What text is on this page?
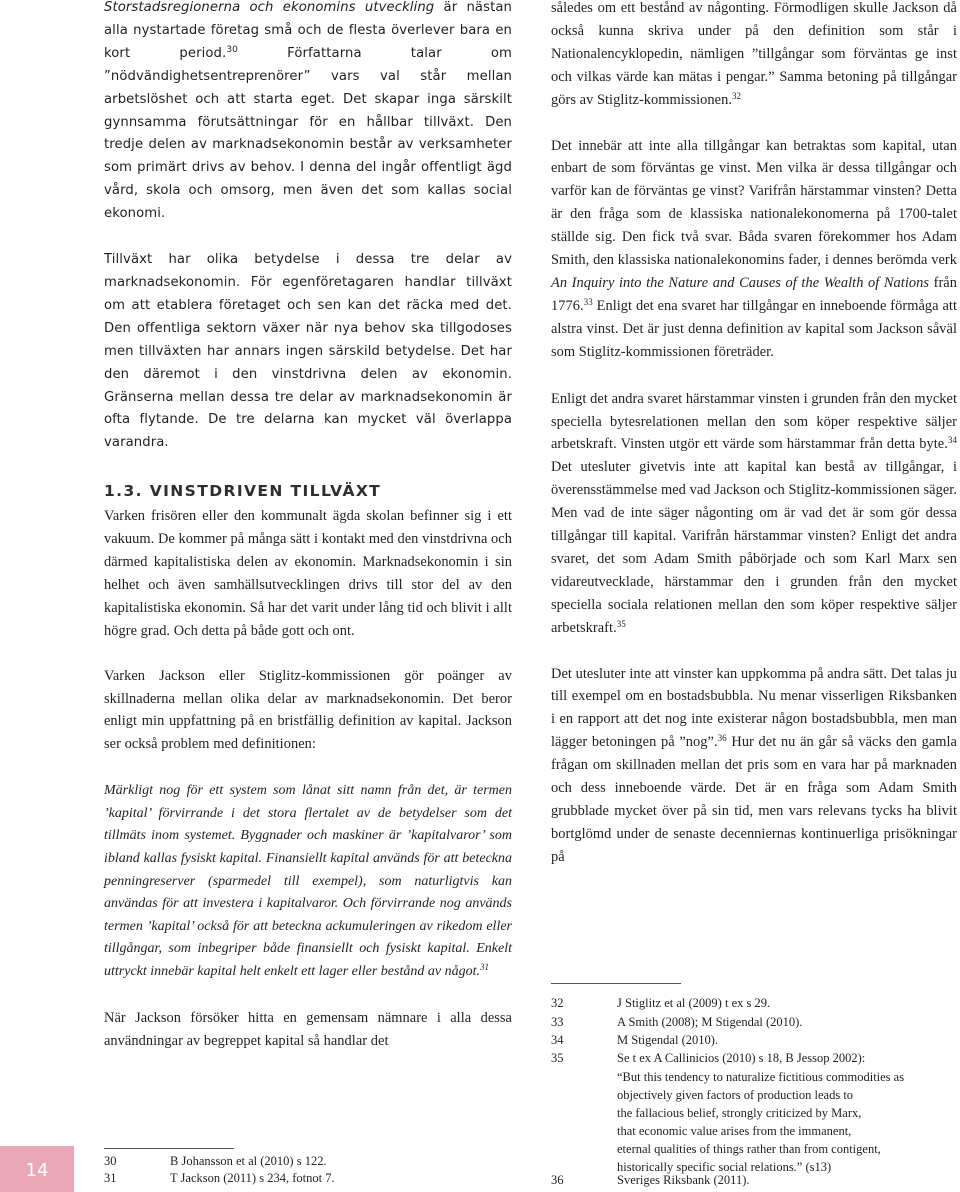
Storstadsregionerna och ekonomins utveckling är nästan alla nystartade företag små och de flesta överlever bara en kort period.$^{30}$ Författarna talar om ”nödvändighetsentreprenörer” vars val står mellan arbetslöshet och att starta eget. Det skapar inga särskilt gynnsamma förutsättningar för en hållbar tillväxt. Den tredje delen av marknadsekonomin består av verksamheter som primärt drivs av behov. I denna del ingår offentligt ägd vård, skola och omsorg, men även det som kallas social ekonomi.

Tillväxt har olika betydelse i dessa tre delar av marknadsekonomin. För egenföretagaren handlar tillväxt om att etablera företaget och sen kan det räcka med det. Den offentliga sektorn växer när nya behov ska tillgodoses men tillväxten har annars ingen särskild betydelse. Det har den däremot i den vinstdrivna delen av ekonomin. Gränserna mellan dessa tre delar av marknadsekonomin är ofta flytande. De tre delarna kan mycket väl överlappa varandra.

1.3. VINSTDRIVEN TILLVÄXT

Varken frisören eller den kommunalt ägda skolan befinner sig i ett vakuum. De kommer på många sätt i kontakt med den vinstdrivna och därmed kapitalistiska delen av ekonomin. Marknadsekonomin i sin helhet och även samhällsutvecklingen drivs till stor del av den kapitalistiska ekonomin. Så har det varit under lång tid och blivit i allt högre grad. Och detta på både gott och ont.

Varken Jackson eller Stiglitz-kommissionen gör poänger av skillnaderna mellan olika delar av marknadsekonomin. Det beror enligt min uppfattning på en bristfällig definition av kapital. Jackson ser också problem med definitionen:

Märkligt nog för ett system som lånat sitt namn från det, är termen ’kapital’ förvirrande i det stora flertalet av de betydelser som det tillmäts inom systemet. Byggnader och maskiner är ’kapitalvaror’ som ibland kallas fysiskt kapital. Finansiellt kapital används för att beteckna penningreserver (sparmedel till exempel), som naturligtvis kan användas för att investera i kapitalvaror. Och förvirrande nog används termen ’kapital’ också för att beteckna ackumuleringen av rikedom eller tillgångar, som inbegriper både finansiellt och fysiskt kapital. Enkelt uttryckt innebär kapital helt enkelt ett lager eller bestånd av något.$^{31}$

När Jackson försöker hitta en gemensam nämnare i alla dessa användningar av begreppet kapital så handlar det

30	B Johansson et al (2010) s 122.
31	T Jackson (2011) s 234, fotnot 7.

således om ett bestånd av någonting. Förmodligen skulle Jackson då också kunna skriva under på den definition som står i Nationalencyklopedin, nämligen ”tillgångar som förväntas ge inst och vilkas värde kan mätas i pengar.” Samma betoning på tillgångar görs av Stiglitz-kommissionen.$^{32}$

Det innebär att inte alla tillgångar kan betraktas som kapital, utan enbart de som förväntas ge vinst. Men vilka är dessa tillgångar och varför kan de förväntas ge vinst? Varifrån härstammar vinsten? Detta är den fråga som de klassiska nationalekonomerna på 1700-talet ställde sig. Den fick två svar. Båda svaren förekommer hos Adam Smith, den klassiska nationalekonomins fader, i dennes berömda verk An Inquiry into the Nature and Causes of the Wealth of Nations från 1776.33 Enligt det ena svaret har tillgångar en inneboende förmåga att alstra vinst. Det är just denna definition av kapital som Jackson såväl som Stiglitz-kommissionen företräder.

Enligt det andra svaret härstammar vinsten i grunden från den mycket speciella bytesrelationen mellan den som köper respektive säljer arbetskraft. Vinsten utgör ett värde som härstammar från detta byte.$^{34}$ Det utesluter givetvis inte att kapital kan bestå av tillgångar, i överensstämmelse med vad Jackson och Stiglitz-kommissionen säger. Men vad de inte säger någonting om är vad det är som gör dessa tillgångar till kapital. Varifrån härstammar vinsten? Enligt det andra svaret, det som Adam Smith påbörjade och som Karl Marx sen vidareutvecklade, härstammar den i grunden från den mycket speciella sociala relationen mellan den som köper respektive säljer arbetskraft.$^{35}$

Det utesluter inte att vinster kan uppkomma på andra sätt. Det talas ju till exempel om en bostadsbubbla. Nu menar visserligen Riksbanken i en rapport att det nog inte existerar någon bostadsbubbla, men man lägger betoningen på ”nog”.$^{36}$ Hur det nu än går så väcks den gamla frågan om skillnaden mellan det pris som en vara har på marknaden och dess inneboende värde. Det är en fråga som Adam Smith grubblade mycket över på sin tid, men vars relevans tycks ha blivit bortglömd under de senaste decenniernas kontinuerliga prisökningar på

32	J Stiglitz et al (2009) t ex s 29.
33	A Smith (2008); M Stigendal (2010).
34	M Stigendal (2010).
35	Se t ex A Callinicios (2010) s 18, B Jessop 2002):
“But this tendency to naturalize fictitious commodities as
objectively given factors of production leads to
the fallacious belief, strongly criticized by Marx,
that economic value arises from the immanent,
eternal qualities of things rather than from contigent,
historically specific social relations.” (s13)
36	Sveriges Riksbank (2011).
14
